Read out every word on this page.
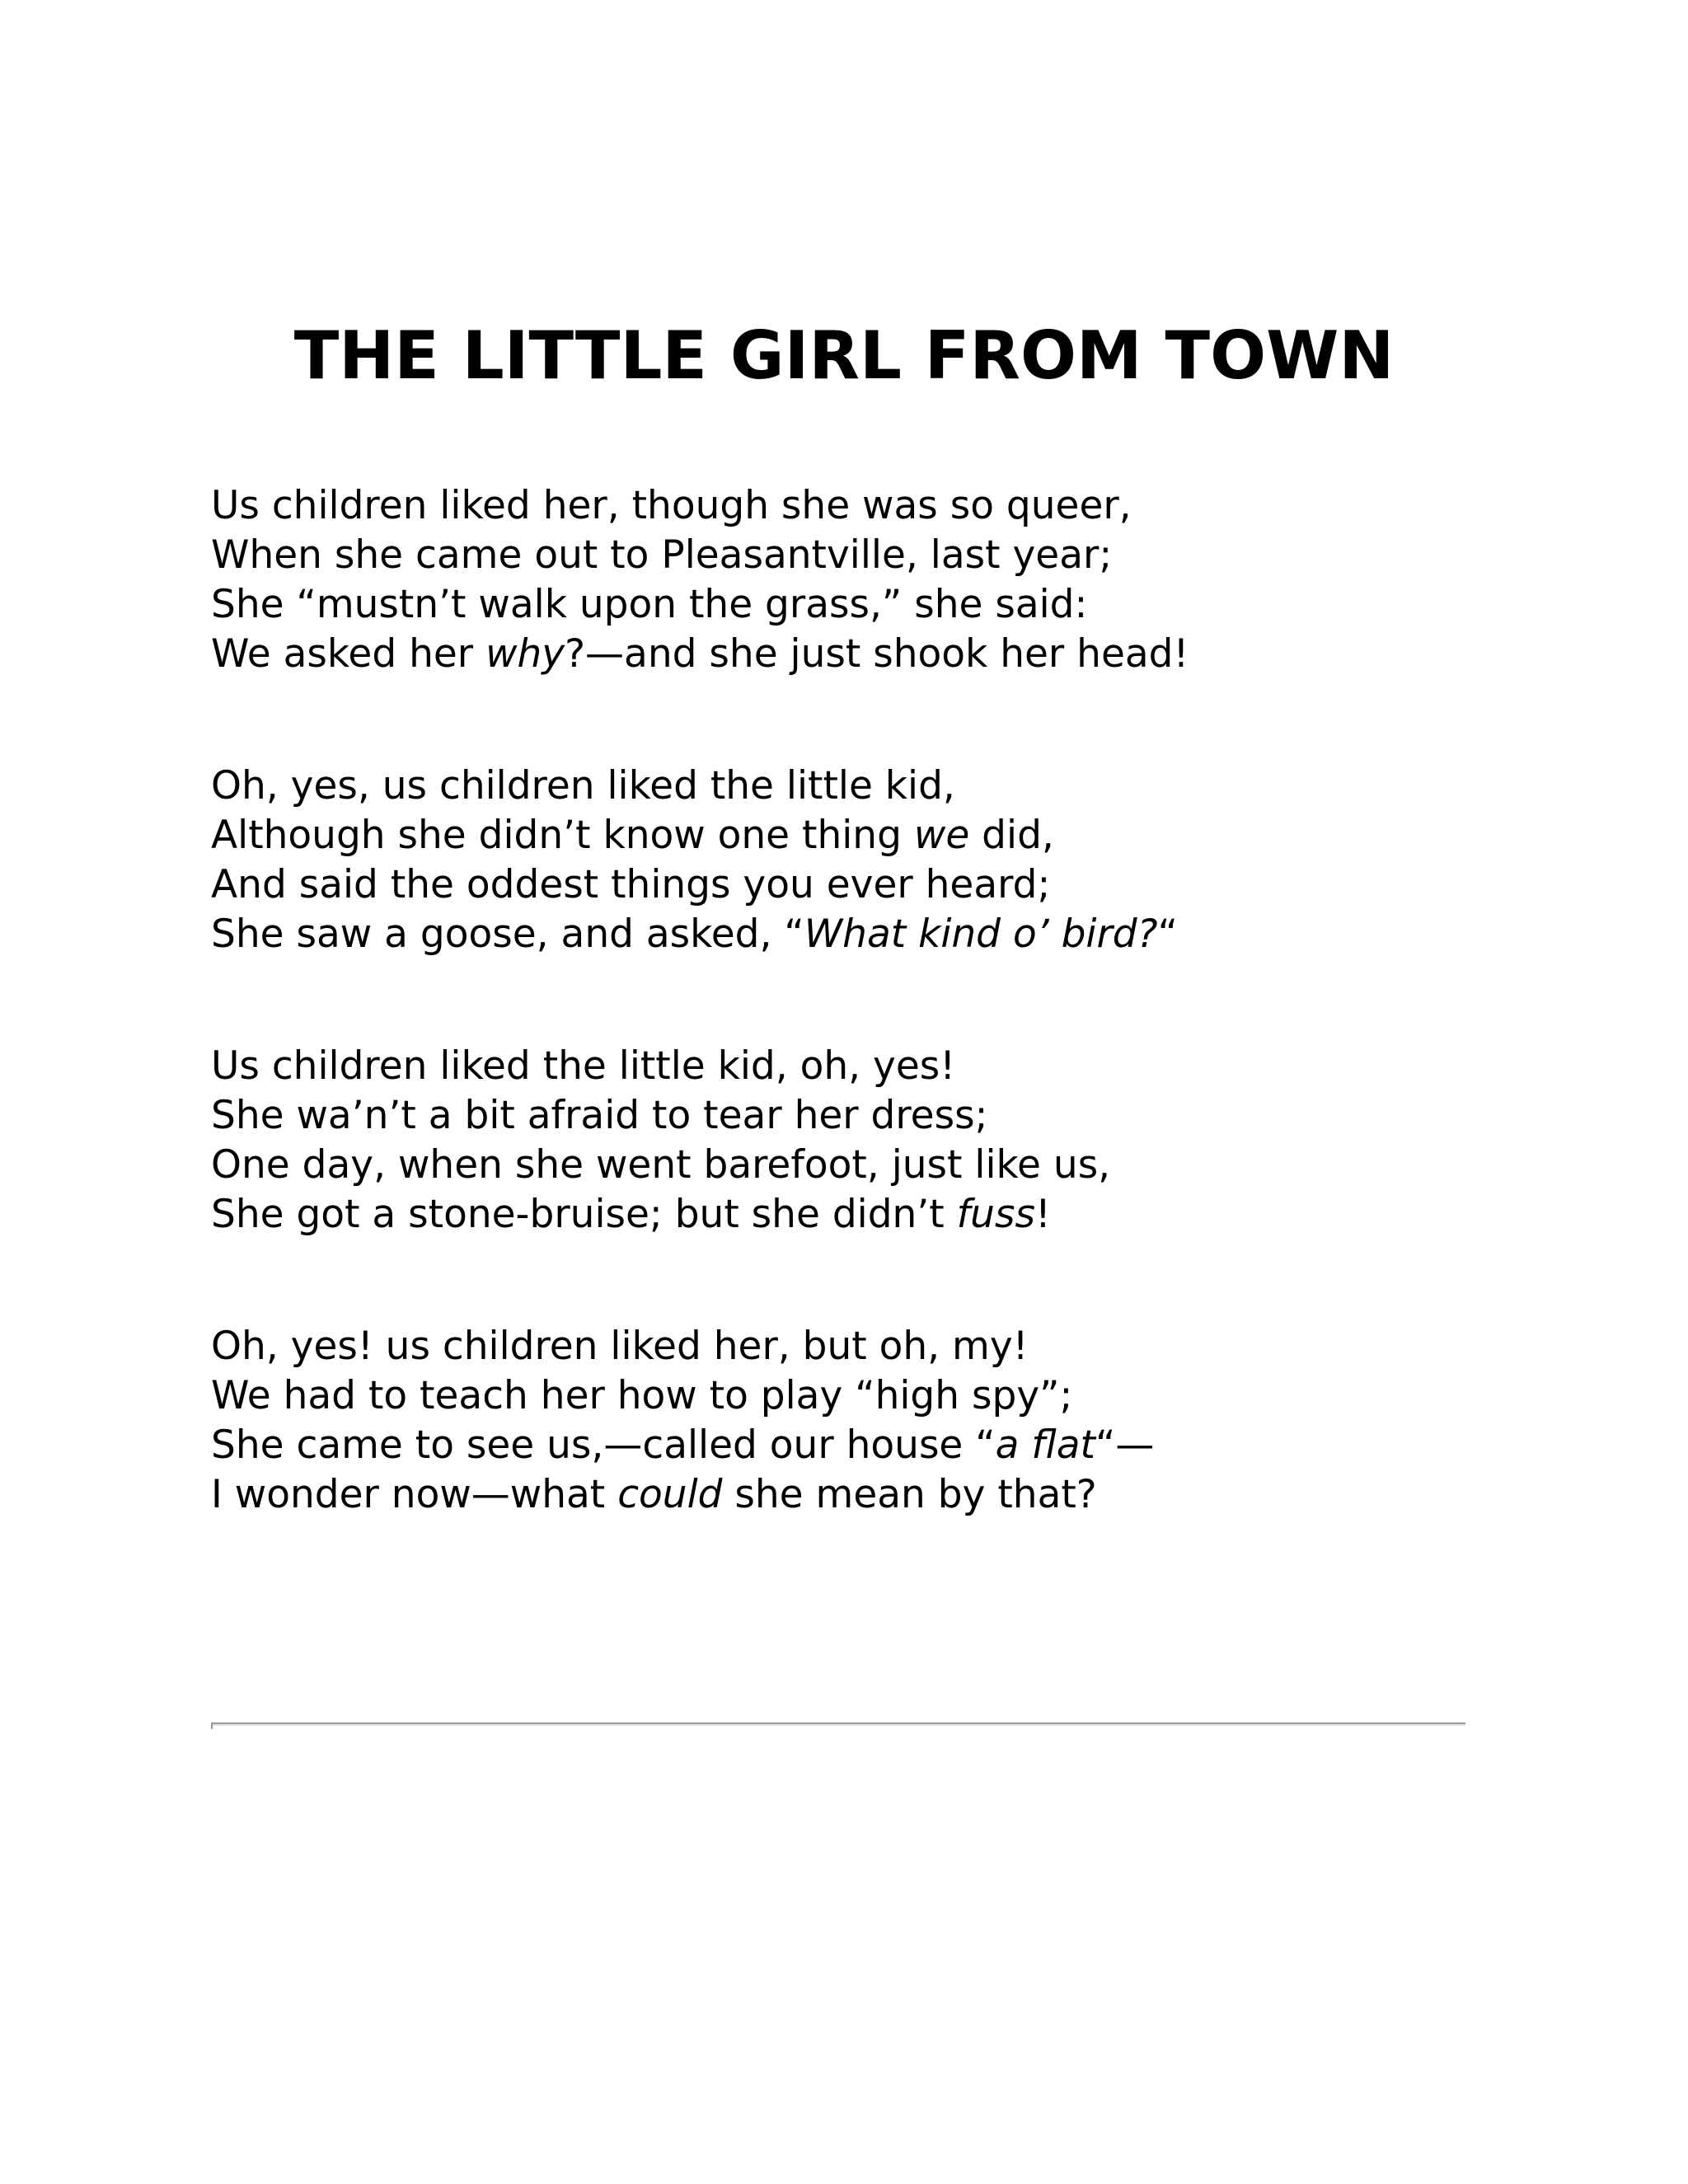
THE LITTLE GIRL FROM TOWN
Us children liked her, though she was so queer,
When she came out to Pleasantville, last year;
She “mustn’t walk upon the grass,” she said:
We asked her why?—and she just shook her head!
Oh, yes, us children liked the little kid,
Although she didn’t know one thing we did,
And said the oddest things you ever heard;
She saw a goose, and asked, “What kind o’ bird?“
Us children liked the little kid, oh, yes!
She wa’n’t a bit afraid to tear her dress;
One day, when she went barefoot, just like us,
She got a stone-bruise; but she didn’t fuss!
Oh, yes! us children liked her, but oh, my!
We had to teach her how to play “high spy”;
She came to see us,—called our house “a flat“—
I wonder now—what could she mean by that?
